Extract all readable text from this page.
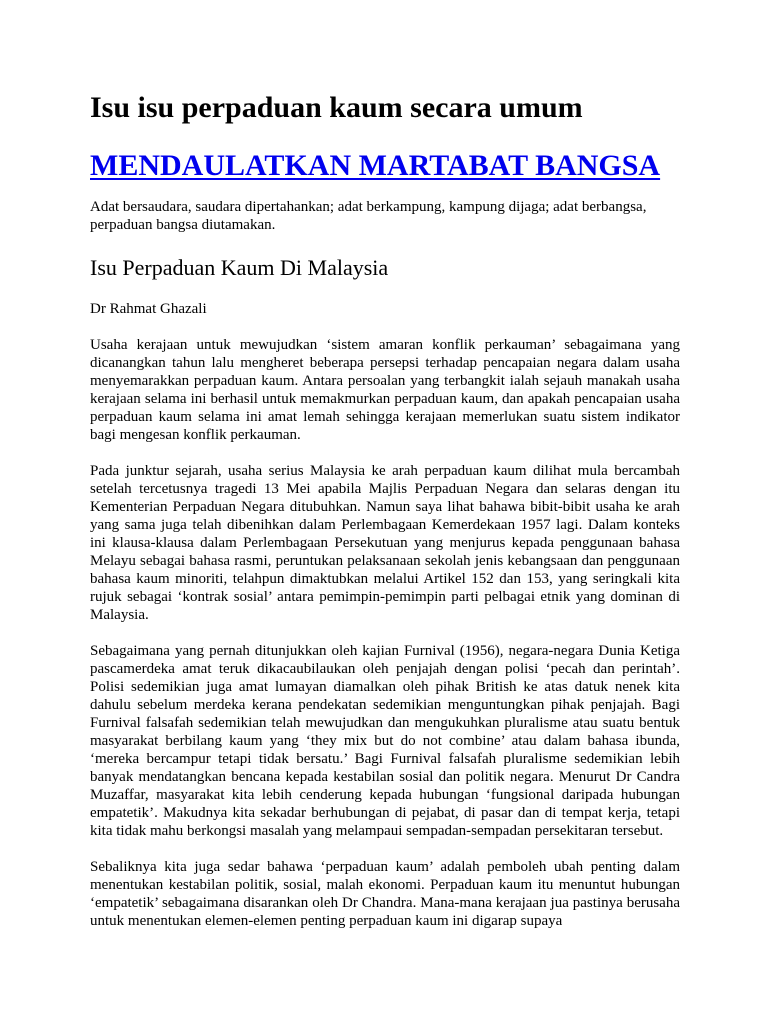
Isu isu perpaduan kaum secara umum
MENDAULATKAN MARTABAT BANGSA

Adat bersaudara, saudara dipertahankan; adat berkampung, kampung dijaga; adat berbangsa, perpaduan bangsa diutamakan.

Isu Perpaduan Kaum Di Malaysia

Dr Rahmat Ghazali

Usaha kerajaan untuk mewujudkan ‘sistem amaran konflik perkauman’ sebagaimana yang dicanangkan tahun lalu mengheret beberapa persepsi terhadap pencapaian negara dalam usaha menyemarakkan perpaduan kaum. Antara persoalan yang terbangkit ialah sejauh manakah usaha kerajaan selama ini berhasil untuk memakmurkan perpaduan kaum, dan apakah pencapaian usaha perpaduan kaum selama ini amat lemah sehingga kerajaan memerlukan suatu sistem indikator bagi mengesan konflik perkauman.

Pada junktur sejarah, usaha serius Malaysia ke arah perpaduan kaum dilihat mula bercambah setelah tercetusnya tragedi 13 Mei apabila Majlis Perpaduan Negara dan selaras dengan itu Kementerian Perpaduan Negara ditubuhkan. Namun saya lihat bahawa bibit-bibit usaha ke arah yang sama juga telah dibenihkan dalam Perlembagaan Kemerdekaan 1957 lagi. Dalam konteks ini klausa-klausa dalam Perlembagaan Persekutuan yang menjurus kepada penggunaan bahasa Melayu sebagai bahasa rasmi, peruntukan pelaksanaan sekolah jenis kebangsaan dan penggunaan bahasa kaum minoriti, telahpun dimaktubkan melalui Artikel 152 dan 153, yang seringkali kita rujuk sebagai ‘kontrak sosial’ antara pemimpin-pemimpin parti pelbagai etnik yang dominan di Malaysia.

Sebagaimana yang pernah ditunjukkan oleh kajian Furnival (1956), negara-negara Dunia Ketiga pascamerdeka amat teruk dikacaubilaukan oleh penjajah dengan polisi ‘pecah dan perintah’. Polisi sedemikian juga amat lumayan diamalkan oleh pihak British ke atas datuk nenek kita dahulu sebelum merdeka kerana pendekatan sedemikian menguntungkan pihak penjajah. Bagi Furnival falsafah sedemikian telah mewujudkan dan mengukuhkan pluralisme atau suatu bentuk masyarakat berbilang kaum yang ‘they mix but do not combine’ atau dalam bahasa ibunda, ‘mereka bercampur tetapi tidak bersatu.’ Bagi Furnival falsafah pluralisme sedemikian lebih banyak mendatangkan bencana kepada kestabilan sosial dan politik negara. Menurut Dr Candra Muzaffar, masyarakat kita lebih cenderung kepada hubungan ‘fungsional daripada hubungan empatetik’. Makudnya kita sekadar berhubungan di pejabat, di pasar dan di tempat kerja, tetapi kita tidak mahu berkongsi masalah yang melampaui sempadan-sempadan persekitaran tersebut.

Sebaliknya kita juga sedar bahawa ‘perpaduan kaum’ adalah pemboleh ubah penting dalam menentukan kestabilan politik, sosial, malah ekonomi. Perpaduan kaum itu menuntut hubungan ‘empatetik’ sebagaimana disarankan oleh Dr Chandra. Mana-mana kerajaan jua pastinya berusaha untuk menentukan elemen-elemen penting perpaduan kaum ini digarap supaya
